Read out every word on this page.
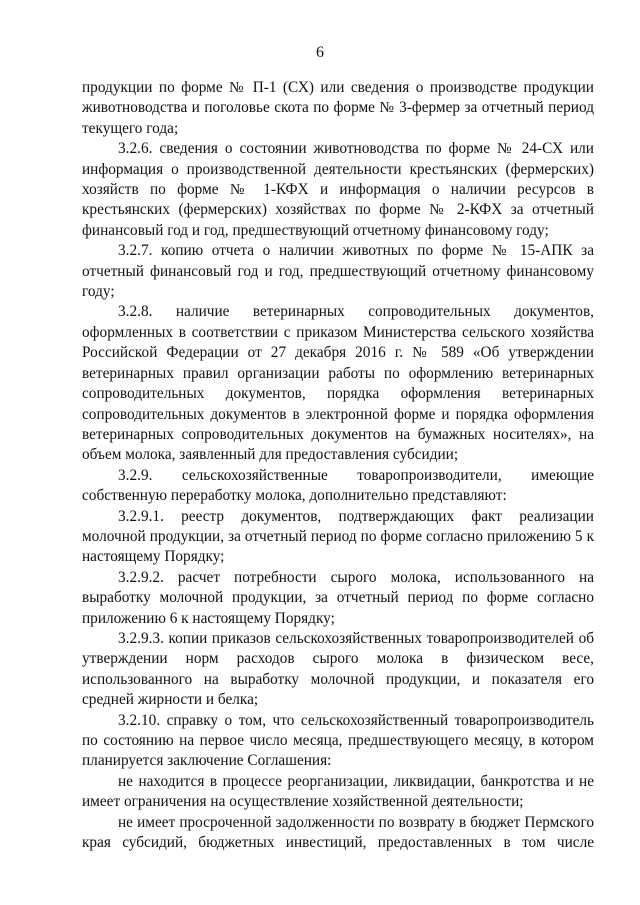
6

продукции по форме № П-1 (СХ) или сведения о производстве продукции животноводства и поголовье скота по форме № 3-фермер за отчетный период текущего года;

3.2.6. сведения о состоянии животноводства по форме № 24-СХ или информация о производственной деятельности крестьянских (фермерских) хозяйств по форме № 1-КФХ и информация о наличии ресурсов в крестьянских (фермерских) хозяйствах по форме № 2-КФХ за отчетный финансовый год и год, предшествующий отчетному финансовому году;

3.2.7. копию отчета о наличии животных по форме № 15-АПК за отчетный финансовый год и год, предшествующий отчетному финансовому году;

3.2.8. наличие ветеринарных сопроводительных документов, оформленных в соответствии с приказом Министерства сельского хозяйства Российской Федерации от 27 декабря 2016 г. № 589 «Об утверждении ветеринарных правил организации работы по оформлению ветеринарных сопроводительных документов, порядка оформления ветеринарных сопроводительных документов в электронной форме и порядка оформления ветеринарных сопроводительных документов на бумажных носителях», на объем молока, заявленный для предоставления субсидии;

3.2.9. сельскохозяйственные товаропроизводители, имеющие собственную переработку молока, дополнительно представляют:

3.2.9.1. реестр документов, подтверждающих факт реализации молочной продукции, за отчетный период по форме согласно приложению 5 к настоящему Порядку;

3.2.9.2. расчет потребности сырого молока, использованного на выработку молочной продукции, за отчетный период по форме согласно приложению 6 к настоящему Порядку;

3.2.9.3. копии приказов сельскохозяйственных товаропроизводителей об утверждении норм расходов сырого молока в физическом весе, использованного на выработку молочной продукции, и показателя его средней жирности и белка;

3.2.10. справку о том, что сельскохозяйственный товаропроизводитель по состоянию на первое число месяца, предшествующего месяцу, в котором планируется заключение Соглашения:

не находится в процессе реорганизации, ликвидации, банкротства и не имеет ограничения на осуществление хозяйственной деятельности;

не имеет просроченной задолженности по возврату в бюджет Пермского края субсидий, бюджетных инвестиций, предоставленных в том числе
